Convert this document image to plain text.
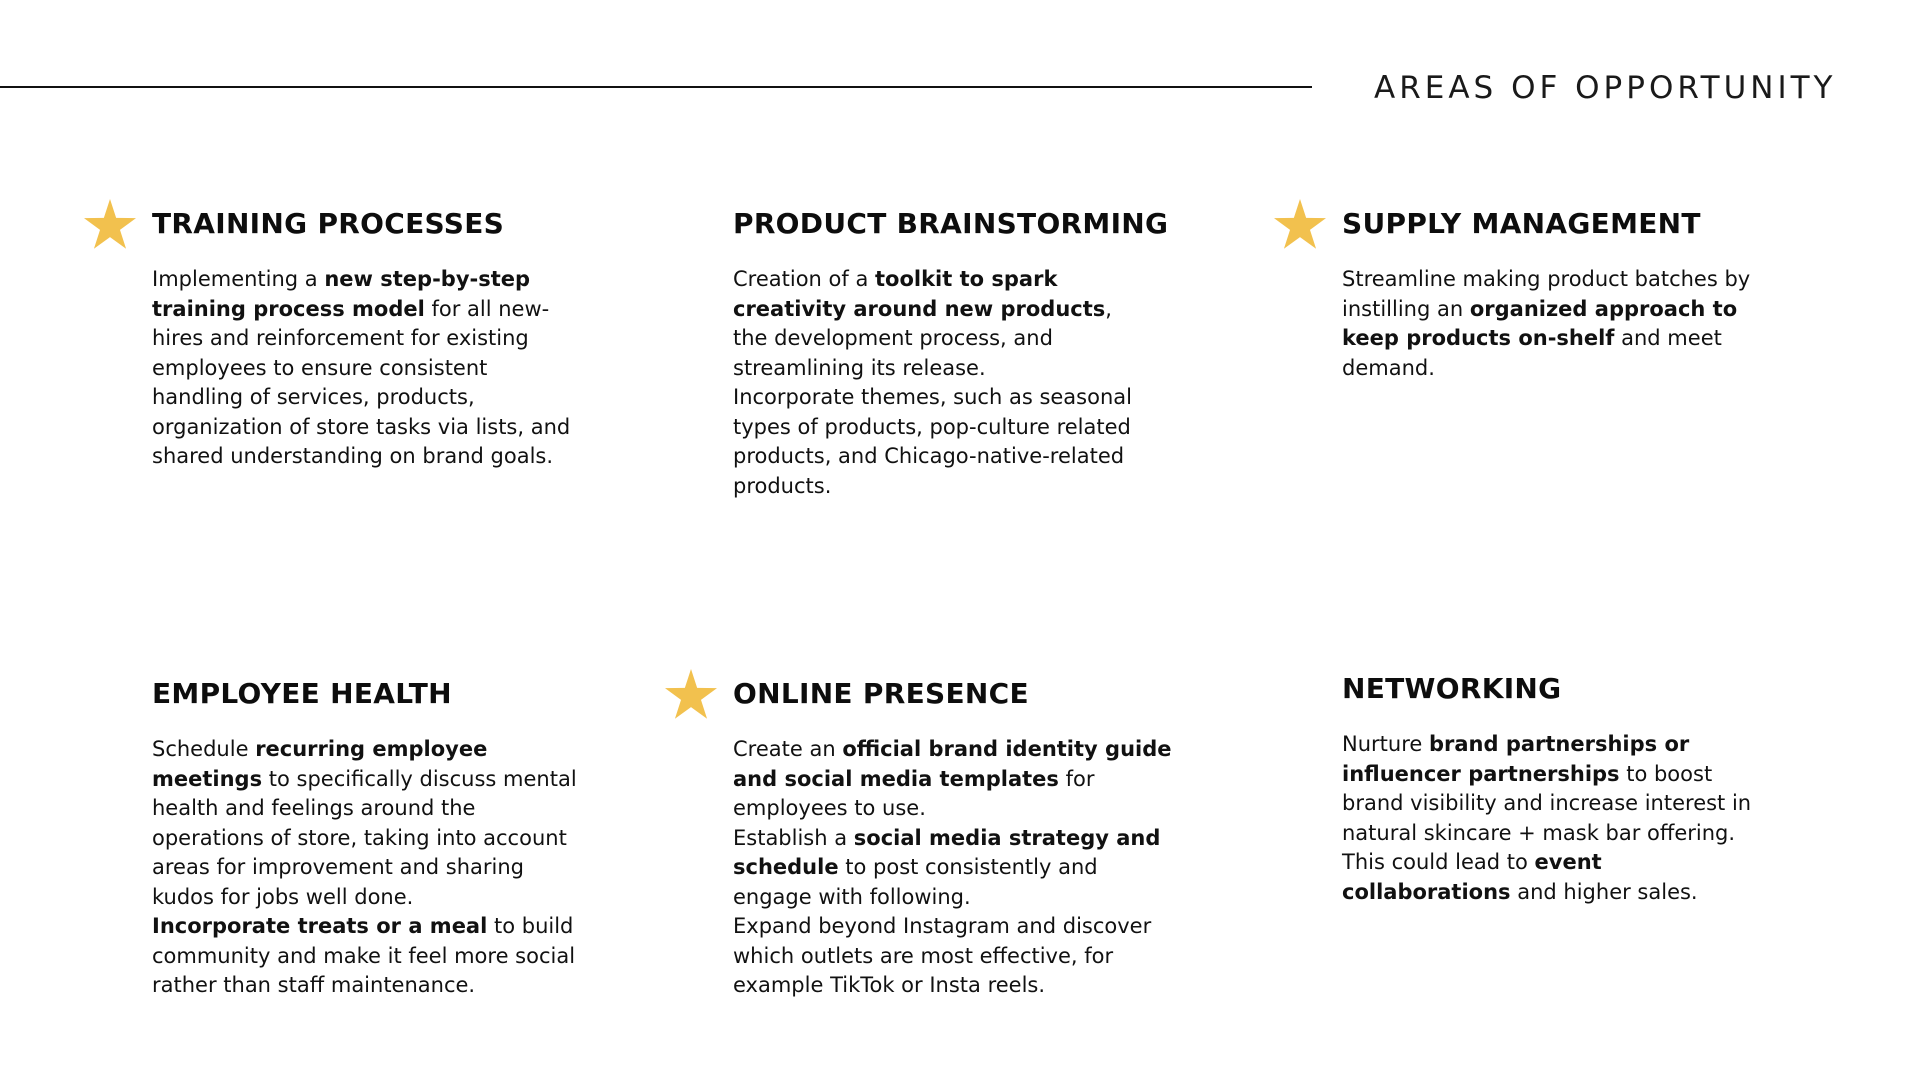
AREAS OF OPPORTUNITY
TRAINING PROCESSES
Implementing a new step-by-step training process model for all new-hires and reinforcement for existing employees to ensure consistent handling of services, products, organization of store tasks via lists, and shared understanding on brand goals.
PRODUCT BRAINSTORMING
Creation of a toolkit to spark creativity around new products, the development process, and streamlining its release.
Incorporate themes, such as seasonal types of products, pop-culture related products, and Chicago-native-related products.
SUPPLY MANAGEMENT
Streamline making product batches by instilling an organized approach to keep products on-shelf and meet demand.
EMPLOYEE HEALTH
Schedule recurring employee meetings to specifically discuss mental health and feelings around the operations of store, taking into account areas for improvement and sharing kudos for jobs well done.
Incorporate treats or a meal to build community and make it feel more social rather than staff maintenance.
ONLINE PRESENCE
Create an official brand identity guide and social media templates for employees to use.
Establish a social media strategy and schedule to post consistently and engage with following.
Expand beyond Instagram and discover which outlets are most effective, for example TikTok or Insta reels.
NETWORKING
Nurture brand partnerships or influencer partnerships to boost brand visibility and increase interest in natural skincare + mask bar offering.
This could lead to event collaborations and higher sales.
